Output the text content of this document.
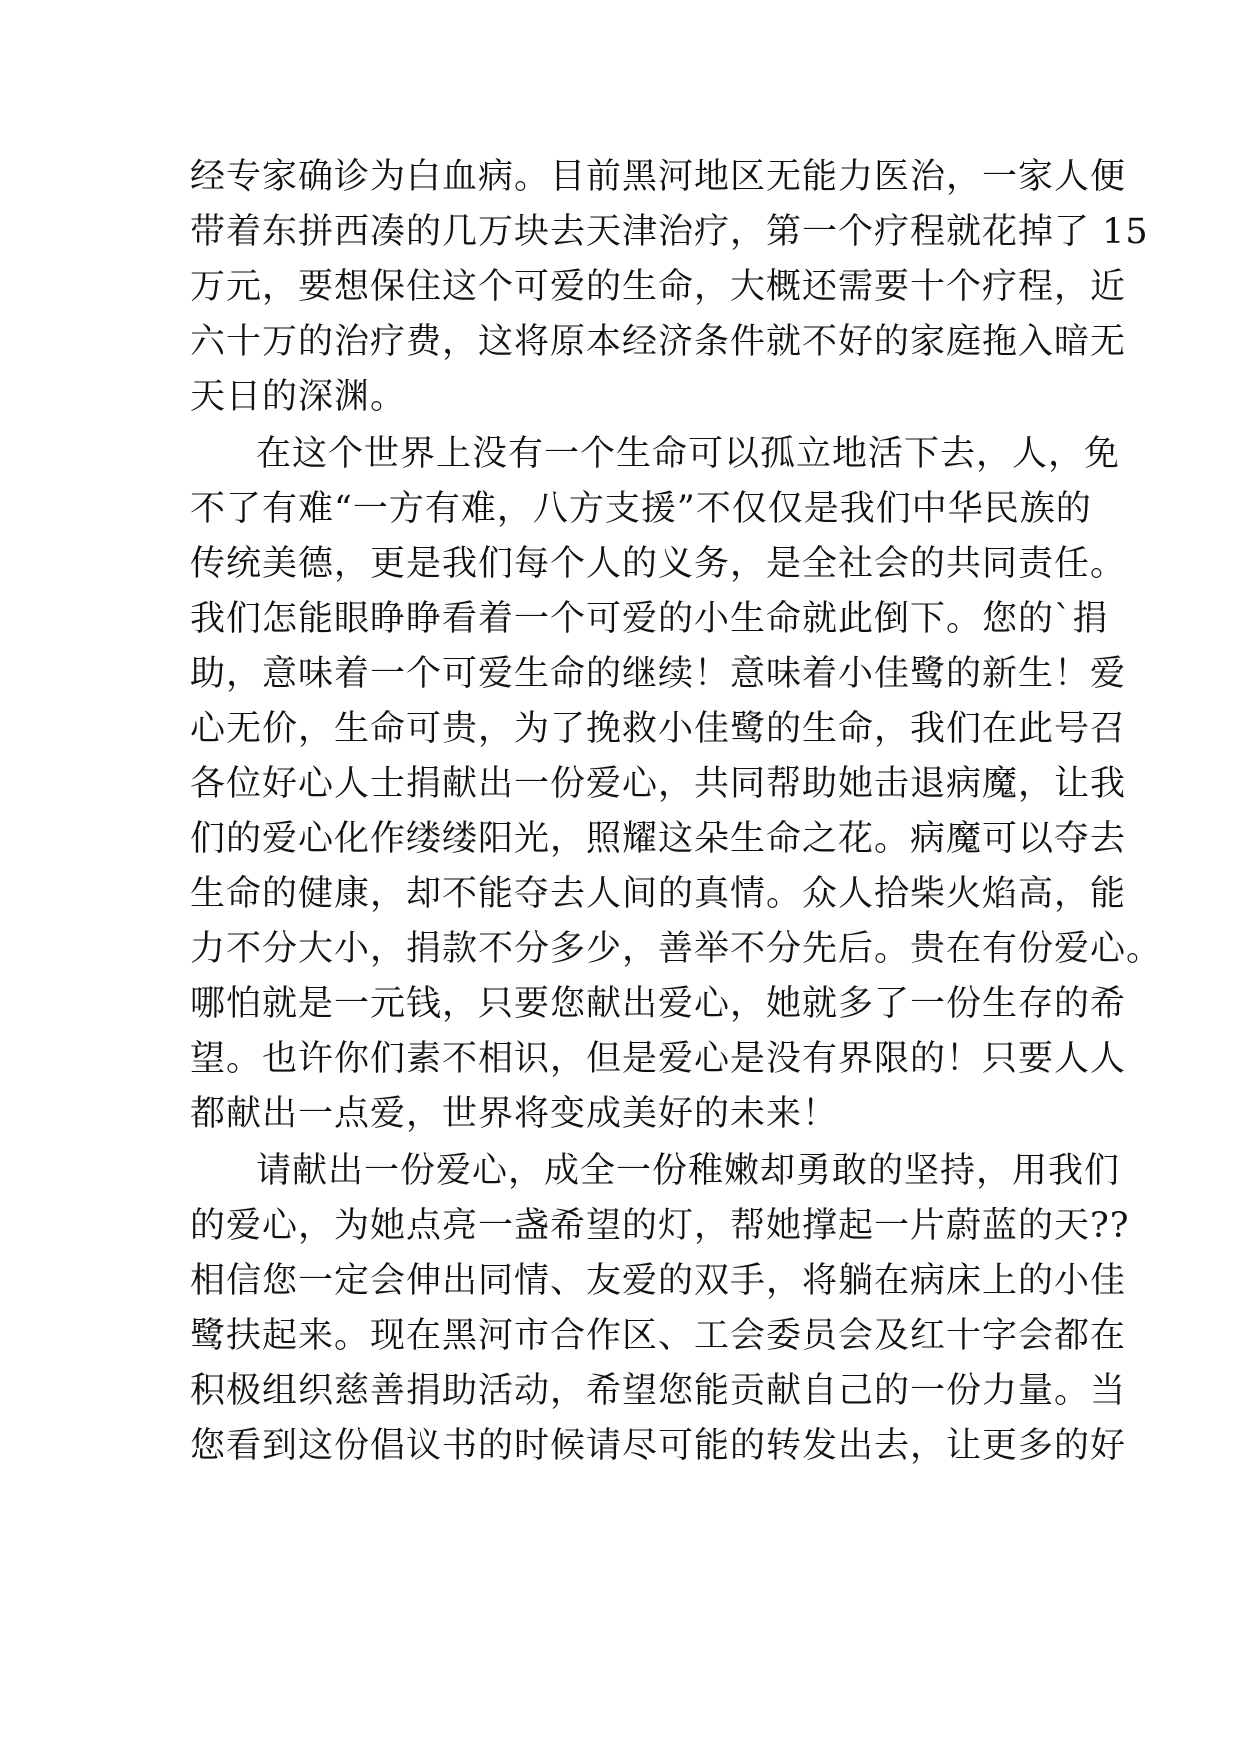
经专家确诊为白血病。目前黑河地区无能力医治，一家人便
带着东拼西凑的几万块去天津治疗，第一个疗程就花掉了 15
万元，要想保住这个可爱的生命，大概还需要十个疗程，近
六十万的治疗费，这将原本经济条件就不好的家庭拖入暗无
天日的深渊。
在这个世界上没有一个生命可以孤立地活下去，人，免
不了有难“一方有难，八方支援”不仅仅是我们中华民族的
传统美德，更是我们每个人的义务，是全社会的共同责任。
我们怎能眼睁睁看着一个可爱的小生命就此倒下。您的`捐
助，意味着一个可爱生命的继续！意味着小佳鹭的新生！爱
心无价，生命可贵，为了挽救小佳鹭的生命，我们在此号召
各位好心人士捐献出一份爱心，共同帮助她击退病魔，让我
们的爱心化作缕缕阳光，照耀这朵生命之花。病魔可以夺去
生命的健康，却不能夺去人间的真情。众人拾柴火焰高，能
力不分大小，捐款不分多少，善举不分先后。贵在有份爱心。
哪怕就是一元钱，只要您献出爱心，她就多了一份生存的希
望。也许你们素不相识，但是爱心是没有界限的！只要人人
都献出一点爱，世界将变成美好的未来！
请献出一份爱心，成全一份稚嫩却勇敢的坚持，用我们
的爱心，为她点亮一盏希望的灯，帮她撑起一片蔚蓝的天??
相信您一定会伸出同情、友爱的双手，将躺在病床上的小佳
鹭扶起来。现在黑河市合作区、工会委员会及红十字会都在
积极组织慈善捐助活动，希望您能贡献自己的一份力量。当
您看到这份倡议书的时候请尽可能的转发出去，让更多的好
